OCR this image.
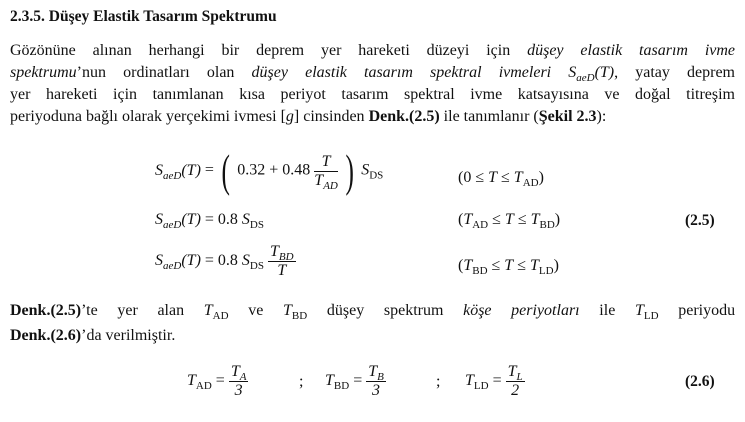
2.3.5. Düşey Elastik Tasarım Spektrumu
Gözönüne alınan herhangi bir deprem yer hareketi düzeyi için düşey elastik tasarım ivme
spektrumu’nun ordinatları olan düşey elastik tasarım spektral ivmeleri $S_{aeD}(T)$, yatay deprem
yer hareketi için tanımlanan kısa periyot tasarım spektral ivme katsayısına ve doğal titreşim
periyoduna bağlı olarak yerçekimi ivmesi [g] cinsinden Denk.(2.5) ile tanımlanır (Şekil 2.3):
$S_{aeD}(T)$ = ( $0.32 + 0.48 \frac{T}{T_{AD}}$ ) $S_{DS}$	$(0 \le T \le T_{AD})$
$S_{aeD}(T) = 0.8$ $S_{DS}$	$(T_{AD} \le T \le T_{BD})$	(2.5)
$S_{aeD}(T) = 0.8$ $S_{DS} \frac{T_{BD}}{T}$	$(T_{BD} \le T \le T_{LD})$
Denk.(2.5)’te yer alan $T_{AD}$ ve $T_{BD}$ düşey spektrum köşe periyotları ile $T_{LD}$ periyodu
Denk.(2.6)’da verilmiştir.
$T_{AD} = \frac{T_A}{3}$	; $T_{BD} = \frac{T_B}{3}$	; $T_{LD} = \frac{T_L}{2}$	(2.6)
